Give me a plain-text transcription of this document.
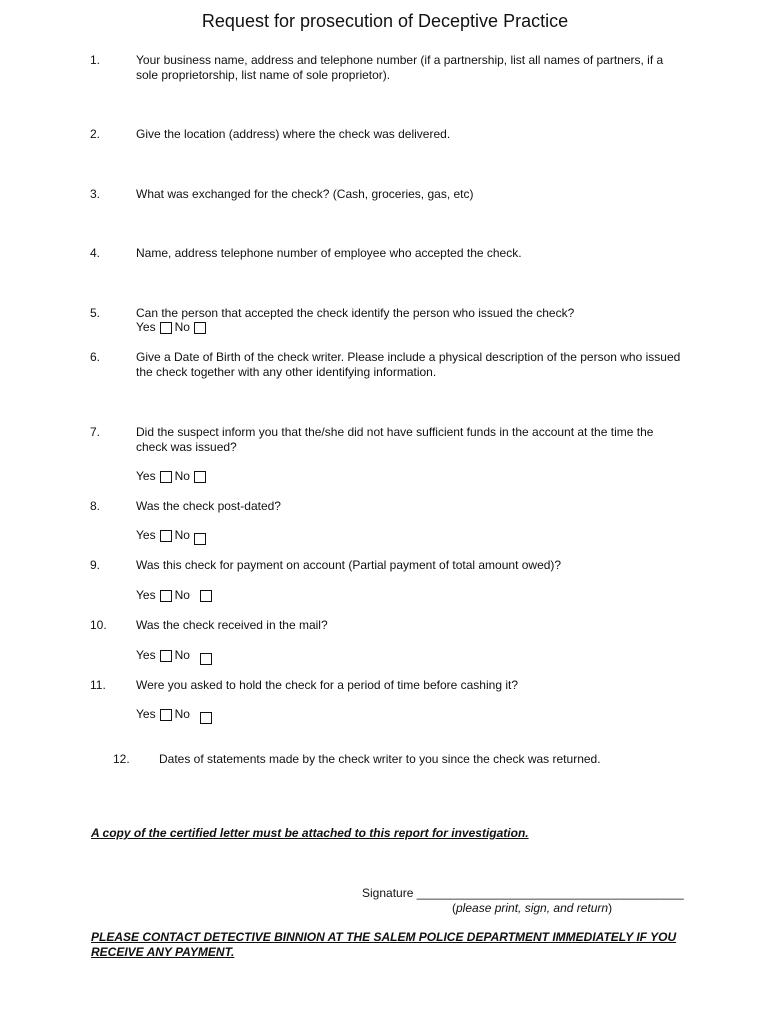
Request for prosecution of Deceptive Practice
1.	Your business name, address and telephone number (if a partnership, list all names of partners, if a sole proprietorship, list name of sole proprietor).
2.	Give the location (address) where the check was delivered.
3.	What was exchanged for the check? (Cash, groceries, gas, etc)
4.	Name, address telephone number of employee who accepted the check.
5.	Can the person that accepted the check identify the person who issued the check?
Yes No
6.	Give a Date of Birth of the check writer. Please include a physical description of the person who issued the check together with any other identifying information.
7.	Did the suspect inform you that the/she did not have sufficient funds in the account at the time the check was issued?
Yes No
8.	Was the check post-dated?
Yes No
9.	Was this check for payment on account (Partial payment of total amount owed)?
Yes No
10. Was the check received in the mail?
Yes No
11.	Were you asked to hold the check for a period of time before cashing it?
Yes No
12. Dates of statements made by the check writer to you since the check was returned.
A copy of the certified letter must be attached to this report for investigation.
Signature ________________________________________
(please print, sign, and return)
PLEASE CONTACT DETECTIVE BINNION AT THE SALEM POLICE DEPARTMENT IMMEDIATELY IF YOU RECEIVE ANY PAYMENT.
